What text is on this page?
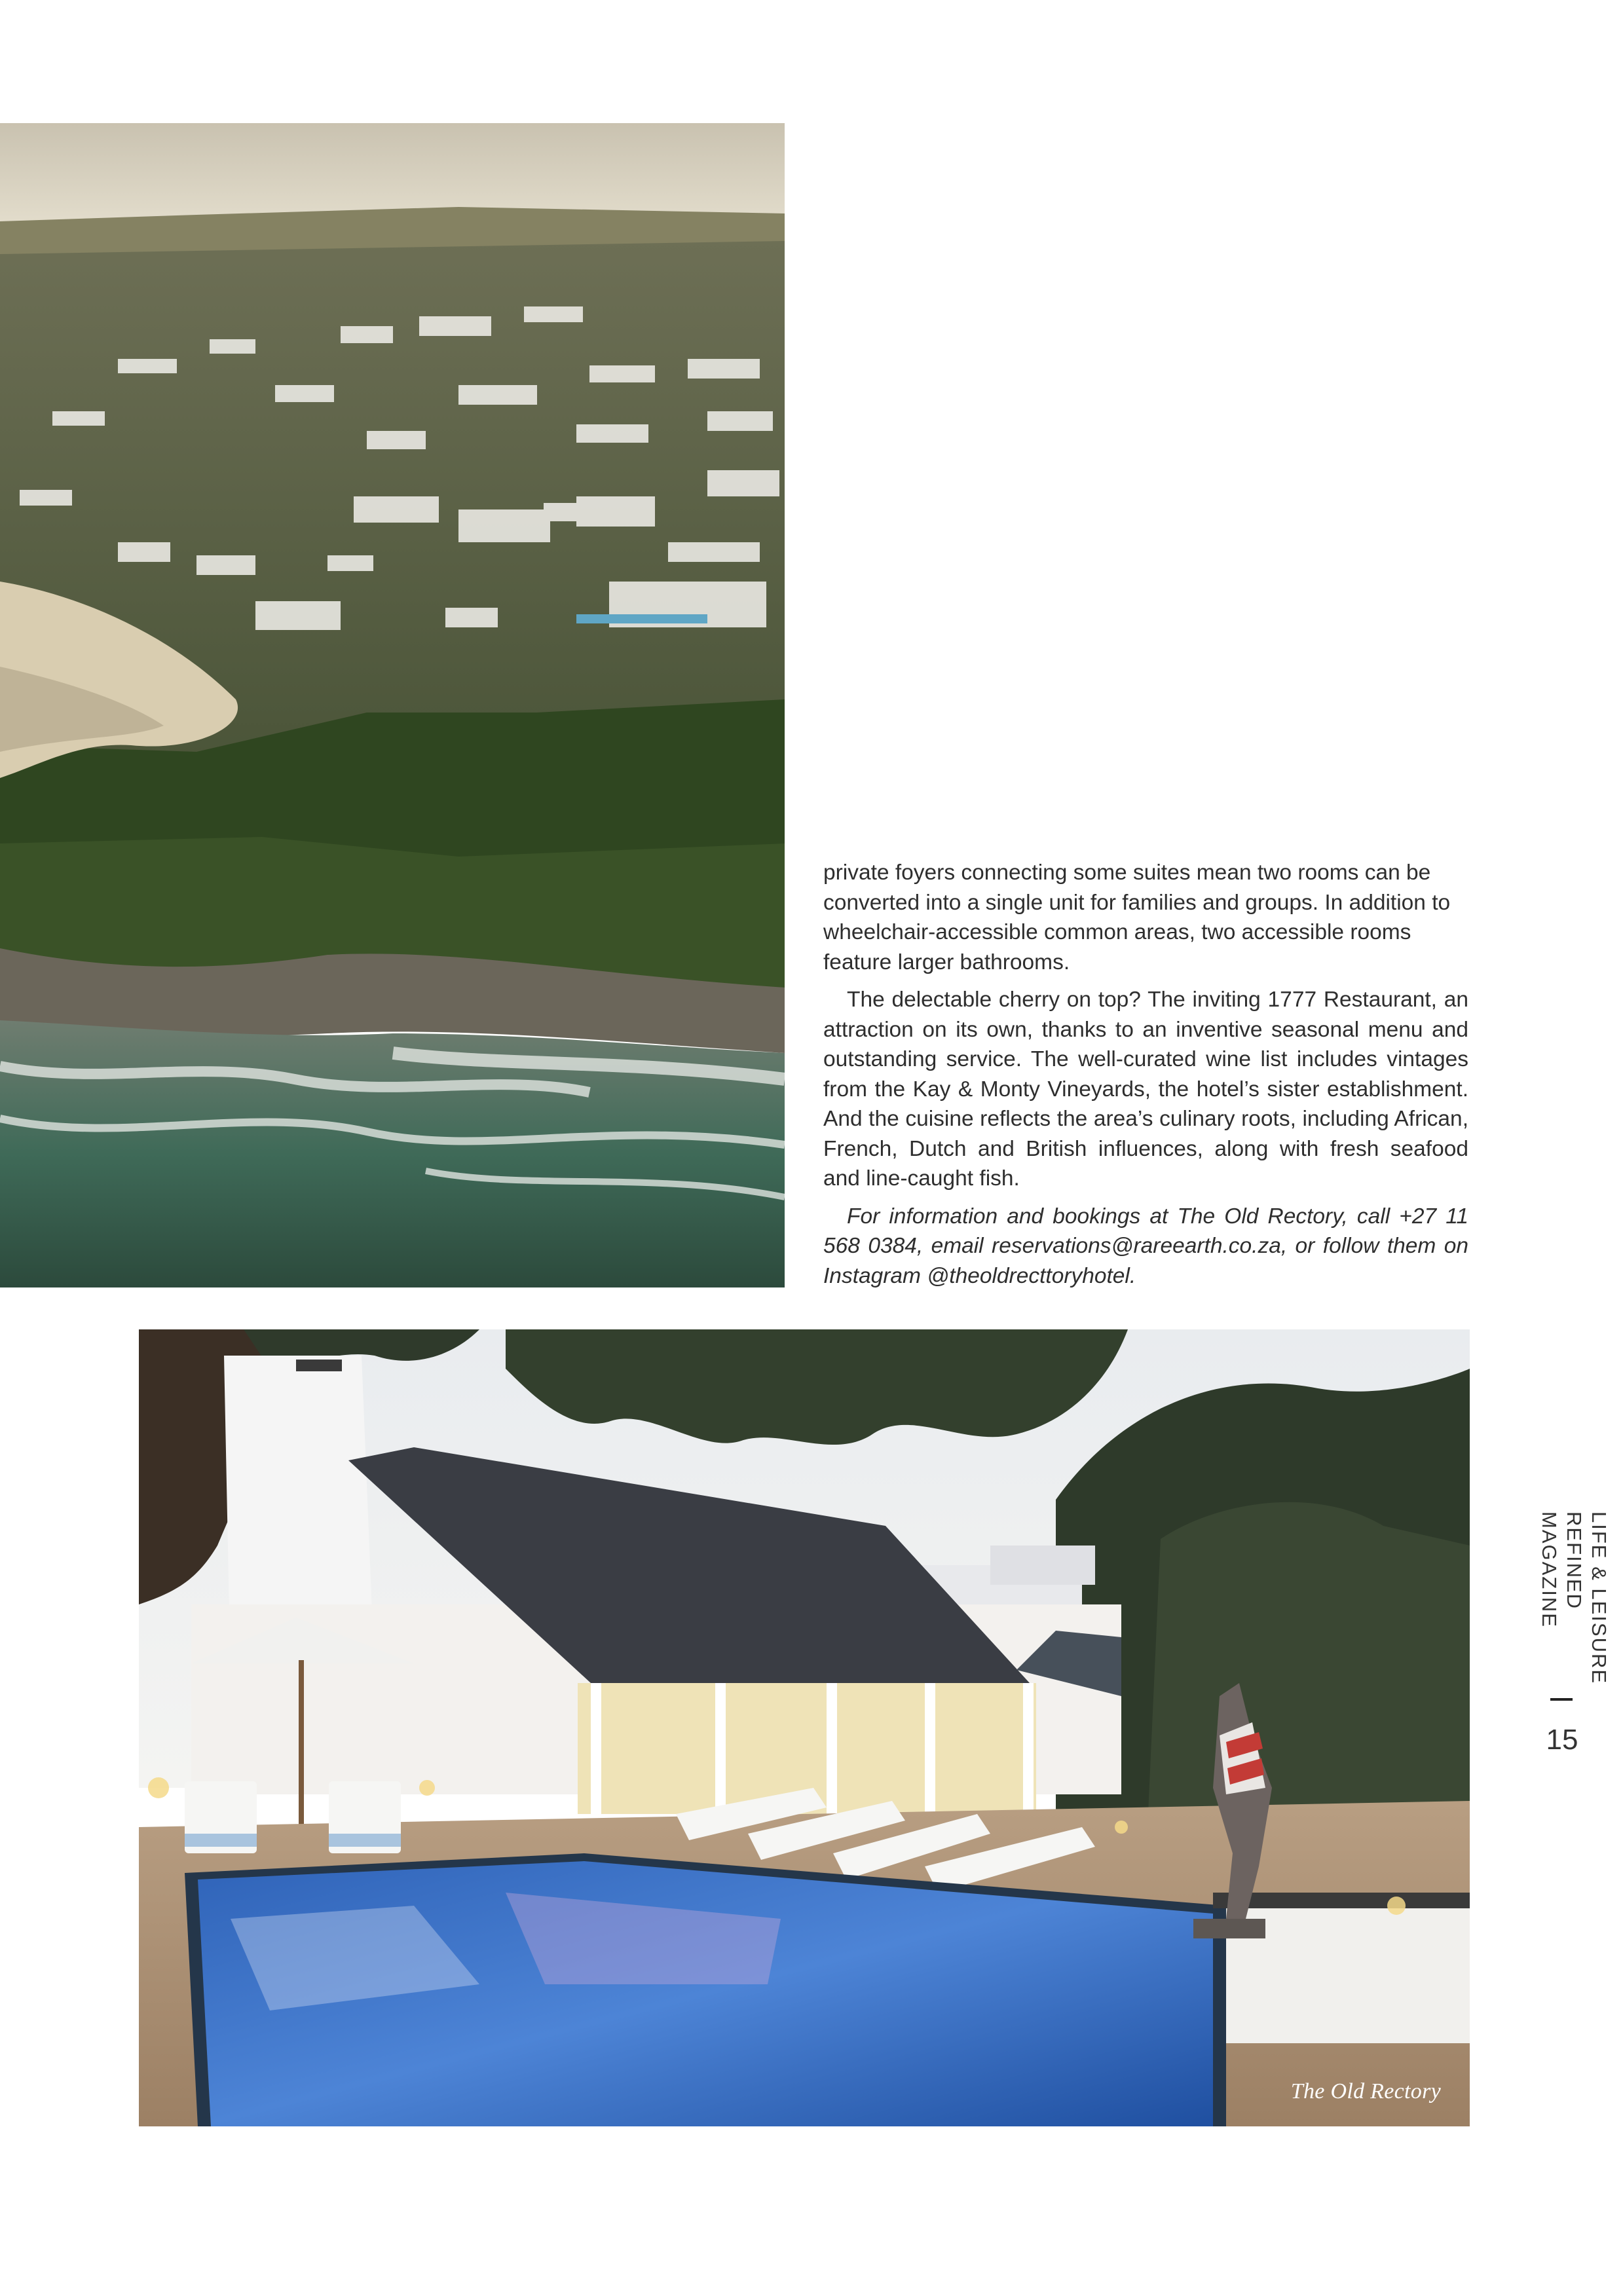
private foyers connecting some suites mean two rooms can be converted into a single unit for families and groups. In addition to wheelchair-accessible common areas, two accessible rooms feature larger bathrooms.

The delectable cherry on top? The inviting 1777 Restaurant, an attraction on its own, thanks to an inventive seasonal menu and outstanding service. The well-curated wine list includes vintages from the Kay & Monty Vineyards, the hotel’s sister establishment. And the cuisine reflects the area’s culinary roots, including African, French, Dutch and British influences, along with fresh seafood and line-caught fish.

For information and bookings at The Old Rectory, call +27 11 568 0384, email reservations@rareearth.co.za, or follow them on Instagram @theoldrecttoryhotel.

The Old Rectory
LIFE & LEISURE
REFINED MAGAZINE
15
